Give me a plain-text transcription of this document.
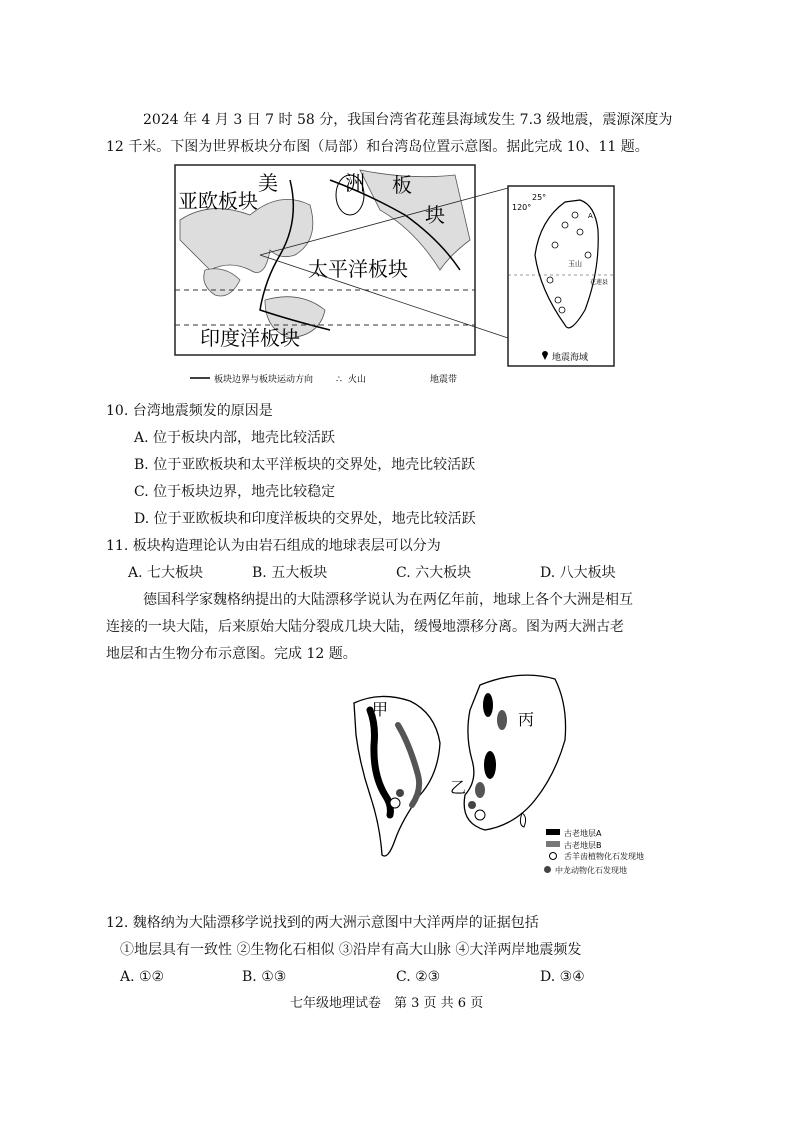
2024 年 4 月 3 日 7 时 58 分，我国台湾省花莲县海域发生 7.3 级地震，震源深度为
12 千米。下图为世界板块分布图（局部）和台湾岛位置示意图。据此完成 10、11 题。
亚欧板块
美	洲 板
块
太平洋板块
印度洋板块
120°
25°
A
玉山
花莲县
地震海域
板块边界与板块运动方向	∴ 火山	地震带
10. 台湾地震频发的原因是
A. 位于板块内部，地壳比较活跃
B. 位于亚欧板块和太平洋板块的交界处，地壳比较活跃
C. 位于板块边界，地壳比较稳定
D. 位于亚欧板块和印度洋板块的交界处，地壳比较活跃
11. 板块构造理论认为由岩石组成的地球表层可以分为
A. 七大板块	B. 五大板块	C. 六大板块	D. 八大板块
德国科学家魏格纳提出的大陆漂移学说认为在两亿年前，地球上各个大洲是相互
连接的一块大陆，后来原始大陆分裂成几块大陆，缓慢地漂移分离。图为两大洲古老
地层和古生物分布示意图。完成 12 题。
甲
丙
乙
古老地层A
古老地层B
舌羊齿植物化石发现地
中龙动物化石发现地
12. 魏格纳为大陆漂移学说找到的两大洲示意图中大洋两岸的证据包括
①地层具有一致性 ②生物化石相似 ③沿岸有高大山脉 ④大洋两岸地震频发
A. ①②	B. ①③	C. ②③	D. ③④
七年级地理试卷　第 3 页 共 6 页
